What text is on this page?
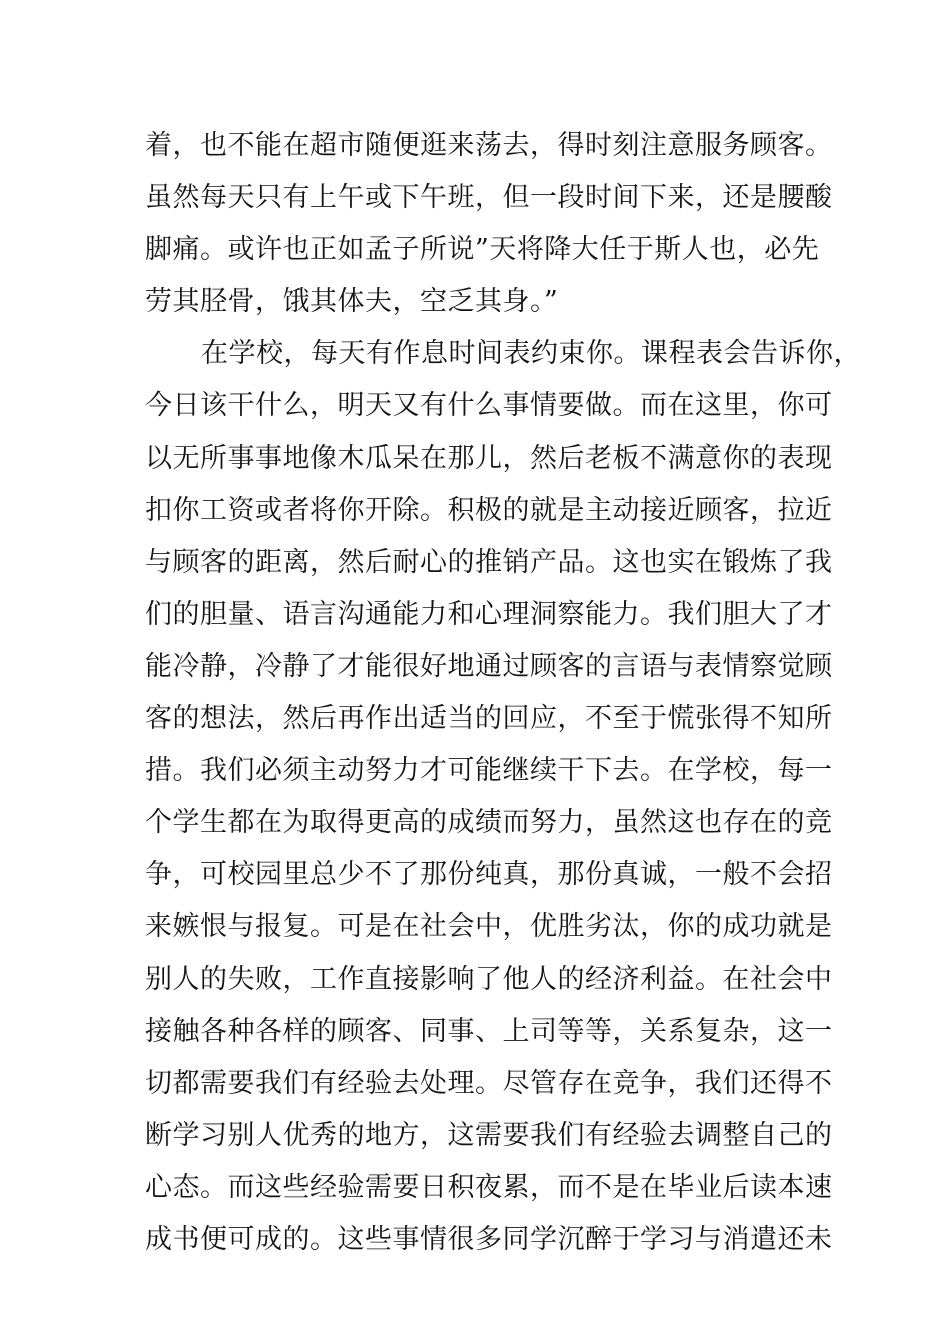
着，也不能在超市随便逛来荡去，得时刻注意服务顾客。
虽然每天只有上午或下午班，但一段时间下来，还是腰酸
脚痛。或许也正如孟子所说”天将降大任于斯人也，必先
劳其胫骨，饿其体夫，空乏其身。”
在学校，每天有作息时间表约束你。课程表会告诉你，
今日该干什么，明天又有什么事情要做。而在这里，你可
以无所事事地像木瓜呆在那儿，然后老板不满意你的表现
扣你工资或者将你开除。积极的就是主动接近顾客，拉近
与顾客的距离，然后耐心的推销产品。这也实在锻炼了我
们的胆量、语言沟通能力和心理洞察能力。我们胆大了才
能冷静，冷静了才能很好地通过顾客的言语与表情察觉顾
客的想法，然后再作出适当的回应，不至于慌张得不知所
措。我们必须主动努力才可能继续干下去。在学校，每一
个学生都在为取得更高的成绩而努力，虽然这也存在的竞
争，可校园里总少不了那份纯真，那份真诚，一般不会招
来嫉恨与报复。可是在社会中，优胜劣汰，你的成功就是
别人的失败，工作直接影响了他人的经济利益。在社会中
接触各种各样的顾客、同事、上司等等，关系复杂，这一
切都需要我们有经验去处理。尽管存在竞争，我们还得不
断学习别人优秀的地方，这需要我们有经验去调整自己的
心态。而这些经验需要日积夜累，而不是在毕业后读本速
成书便可成的。这些事情很多同学沉醉于学习与消遣还未
